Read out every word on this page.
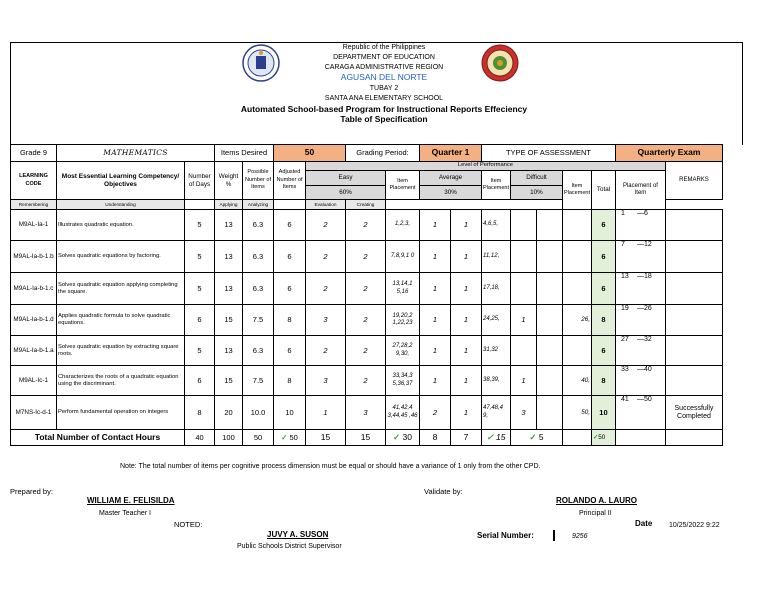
Republic of the Philippines
DEPARTMENT OF EDUCATION
CARAGA ADMINISTRATIVE REGION
AGUSAN DEL NORTE
TUBAY 2
SANTA ANA ELEMENTARY SCHOOL
Automated School-based Program for Instructional Reports Effeciency
Table of Specification
Grade 9	MATHEMATICS		Items Desired		50		Grading Period:		Quarter 1		TYPE OF ASSESSMENT					Quarterly Exam	
LEARNING CODE	Most Essential Learning Competency/ Objectives	Number of Days	Weight %	Possible Number of Items	Adjusted Number of Items	Level of Performance											REMARKS
						Easy		Item Placement	Average		Item Placement	Difficult		Item Placement	Total	Placement of Item	
						60%			30%			10%					
Remembering	Understanding		Applying	Analyzing		Evaluation	Creating										
M9AL-Ia-1	Illustrates quadratic equation.	5	13	6.3	6	2	2	1,2,3,	1	1	4,6,5,				6	1 —6	
M9AL-Ia-b-1.b	Solves quadratic equations by factoring.	5	13	6.3	6	2	2	7,8,9,1 0	1	1	11,12,				6	7 —12	
M9AL-Ia-b-1.c	Solves quadratic equation applying completing the square.	5	13	6.3	6	2	2	13,14,1 5,16	1	1	17,18,				6	13 —18	
M9AL-Ia-b-1.d	Applies quadratic formula to solve quadratic equations.	6	15	7.5	8	3	2	19,20,2 1,22,23	1	1	24,25,	1		26,	8	19 —26	
M9AL-Ia-b-1.a	Solves quadratic equation by extracting square roots.	5	13	6.3	6	2	2	27,28,2 9,30,	1	1	31,32				6	27 —32	
M9AL-Ic-1	Characterizes the roots of a quadratic equation using the discriminant.	6	15	7.5	8	3	2	33,34,3 5,36,37	1	1	38,39,	1		40,	8	33 —40	
M7NS-Ic-d-1	Perform fundamental operation on integers	8	20	10.0	10	1	3	41,42,4 3,44,45 ,46	2	1	47,48,4 9,	3		50,	10	41 —50	Successfully Completed
Total Number of Contact Hours		40	100	50	✓ 50	15	15	✓ 30	8	7	✓ 15	✓ 5			✓50		
Note: The total number of items per cognitive process dimension must be equal or should have a variance of 1 only from the other CPD.
Prepared by:
WILLIAM E. FELISILDA
Master Teacher I
Validate by:
ROLANDO A. LAURO
Principal II
NOTED:
JUVY A. SUSON
Public Schools District Supervisor
Date 10/25/2022 9:22
Serial Number:	9256
